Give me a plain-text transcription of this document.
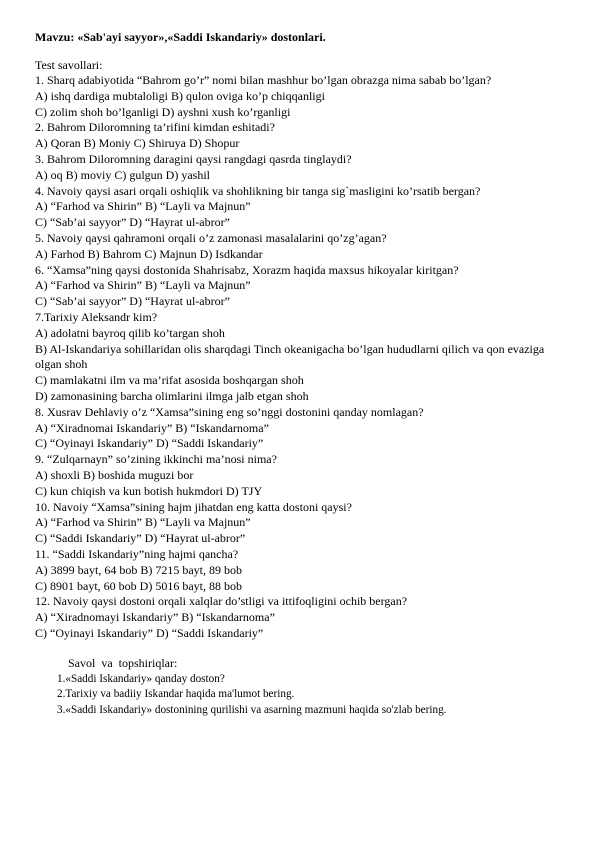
Mavzu: «Sab'ayi sayyor»,«Saddi Iskandariy» dostonlari.

Test savollari:

1. Sharq adabiyotida “Bahrom go’r” nomi bilan mashhur bo’lgan obrazga nima sabab bo’lgan?

A) ishq dardiga mubtaloligi B) qulon oviga ko’p chiqqanligi

C) zolim shoh bo’lganligi D) ayshni xush ko’rganligi

2. Bahrom Diloromning ta’rifini kimdan eshitadi?

A) Qoran B) Moniy C) Shiruya D) Shopur

3. Bahrom Diloromning daragini qaysi rangdagi qasrda tinglaydi?

A) oq B) moviy C) gulgun D) yashil

4. Navoiy qaysi asari orqali oshiqlik va shohlikning bir tanga sig`masligini ko’rsatib bergan?

A) “Farhod va Shirin” B) “Layli va Majnun”

C) “Sab’ai sayyor” D) “Hayrat ul-abror”

5. Navoiy qaysi qahramoni orqali o’z zamonasi masalalarini qo’zg’agan?

A) Farhod B) Bahrom C) Majnun D) Isdkandar

6. “Xamsa”ning qaysi dostonida Shahrisabz, Xorazm haqida maxsus hikoyalar kiritgan?

A) “Farhod va Shirin” B) “Layli va Majnun”

C) “Sab’ai sayyor” D) “Hayrat ul-abror”

7.Tarixiy Aleksandr kim?

A) adolatni bayroq qilib ko’targan shoh

B) Al-Iskandariya sohillaridan olis sharqdagi Tinch okeanigacha bo’lgan hududlarni qilich va qon evaziga olgan shoh

C) mamlakatni ilm va ma’rifat asosida boshqargan shoh

D) zamonasining barcha olimlarini ilmga jalb etgan shoh

8. Xusrav Dehlaviy o’z “Xamsa”sining eng so’nggi dostonini qanday nomlagan?

A) “Xiradnomai Iskandariy” B) “Iskandarnoma”

C) “Oyinayi Iskandariy” D) “Saddi Iskandariy”

9. “Zulqarnayn” so’zining ikkinchi ma’nosi nima?

A) shoxli B) boshida muguzi bor

C) kun chiqish va kun botish hukmdori D) TJY

10. Navoiy “Xamsa”sining hajm jihatdan eng katta dostoni qaysi?

A) “Farhod va Shirin” B) “Layli va Majnun”

C) “Saddi Iskandariy” D) “Hayrat ul-abror”

11. “Saddi Iskandariy”ning hajmi qancha?

A) 3899 bayt, 64 bob B) 7215 bayt, 89 bob

C) 8901 bayt, 60 bob D) 5016 bayt, 88 bob

12. Navoiy qaysi dostoni orqali xalqlar do’stligi va ittifoqligini ochib bergan?

A) “Xiradnomayi Iskandariy” B) “Iskandarnoma”

C) “Oyinayi Iskandariy” D) “Saddi Iskandariy”

Savol va topshiriqlar:

1.«Saddi Iskandariy» qanday doston?

2.Tarixiy va badiiy Iskandar haqida ma'lumot bering.

3.«Saddi Iskandariy» dostonining qurilishi va asarning mazmuni haqida so'zlab bering.
